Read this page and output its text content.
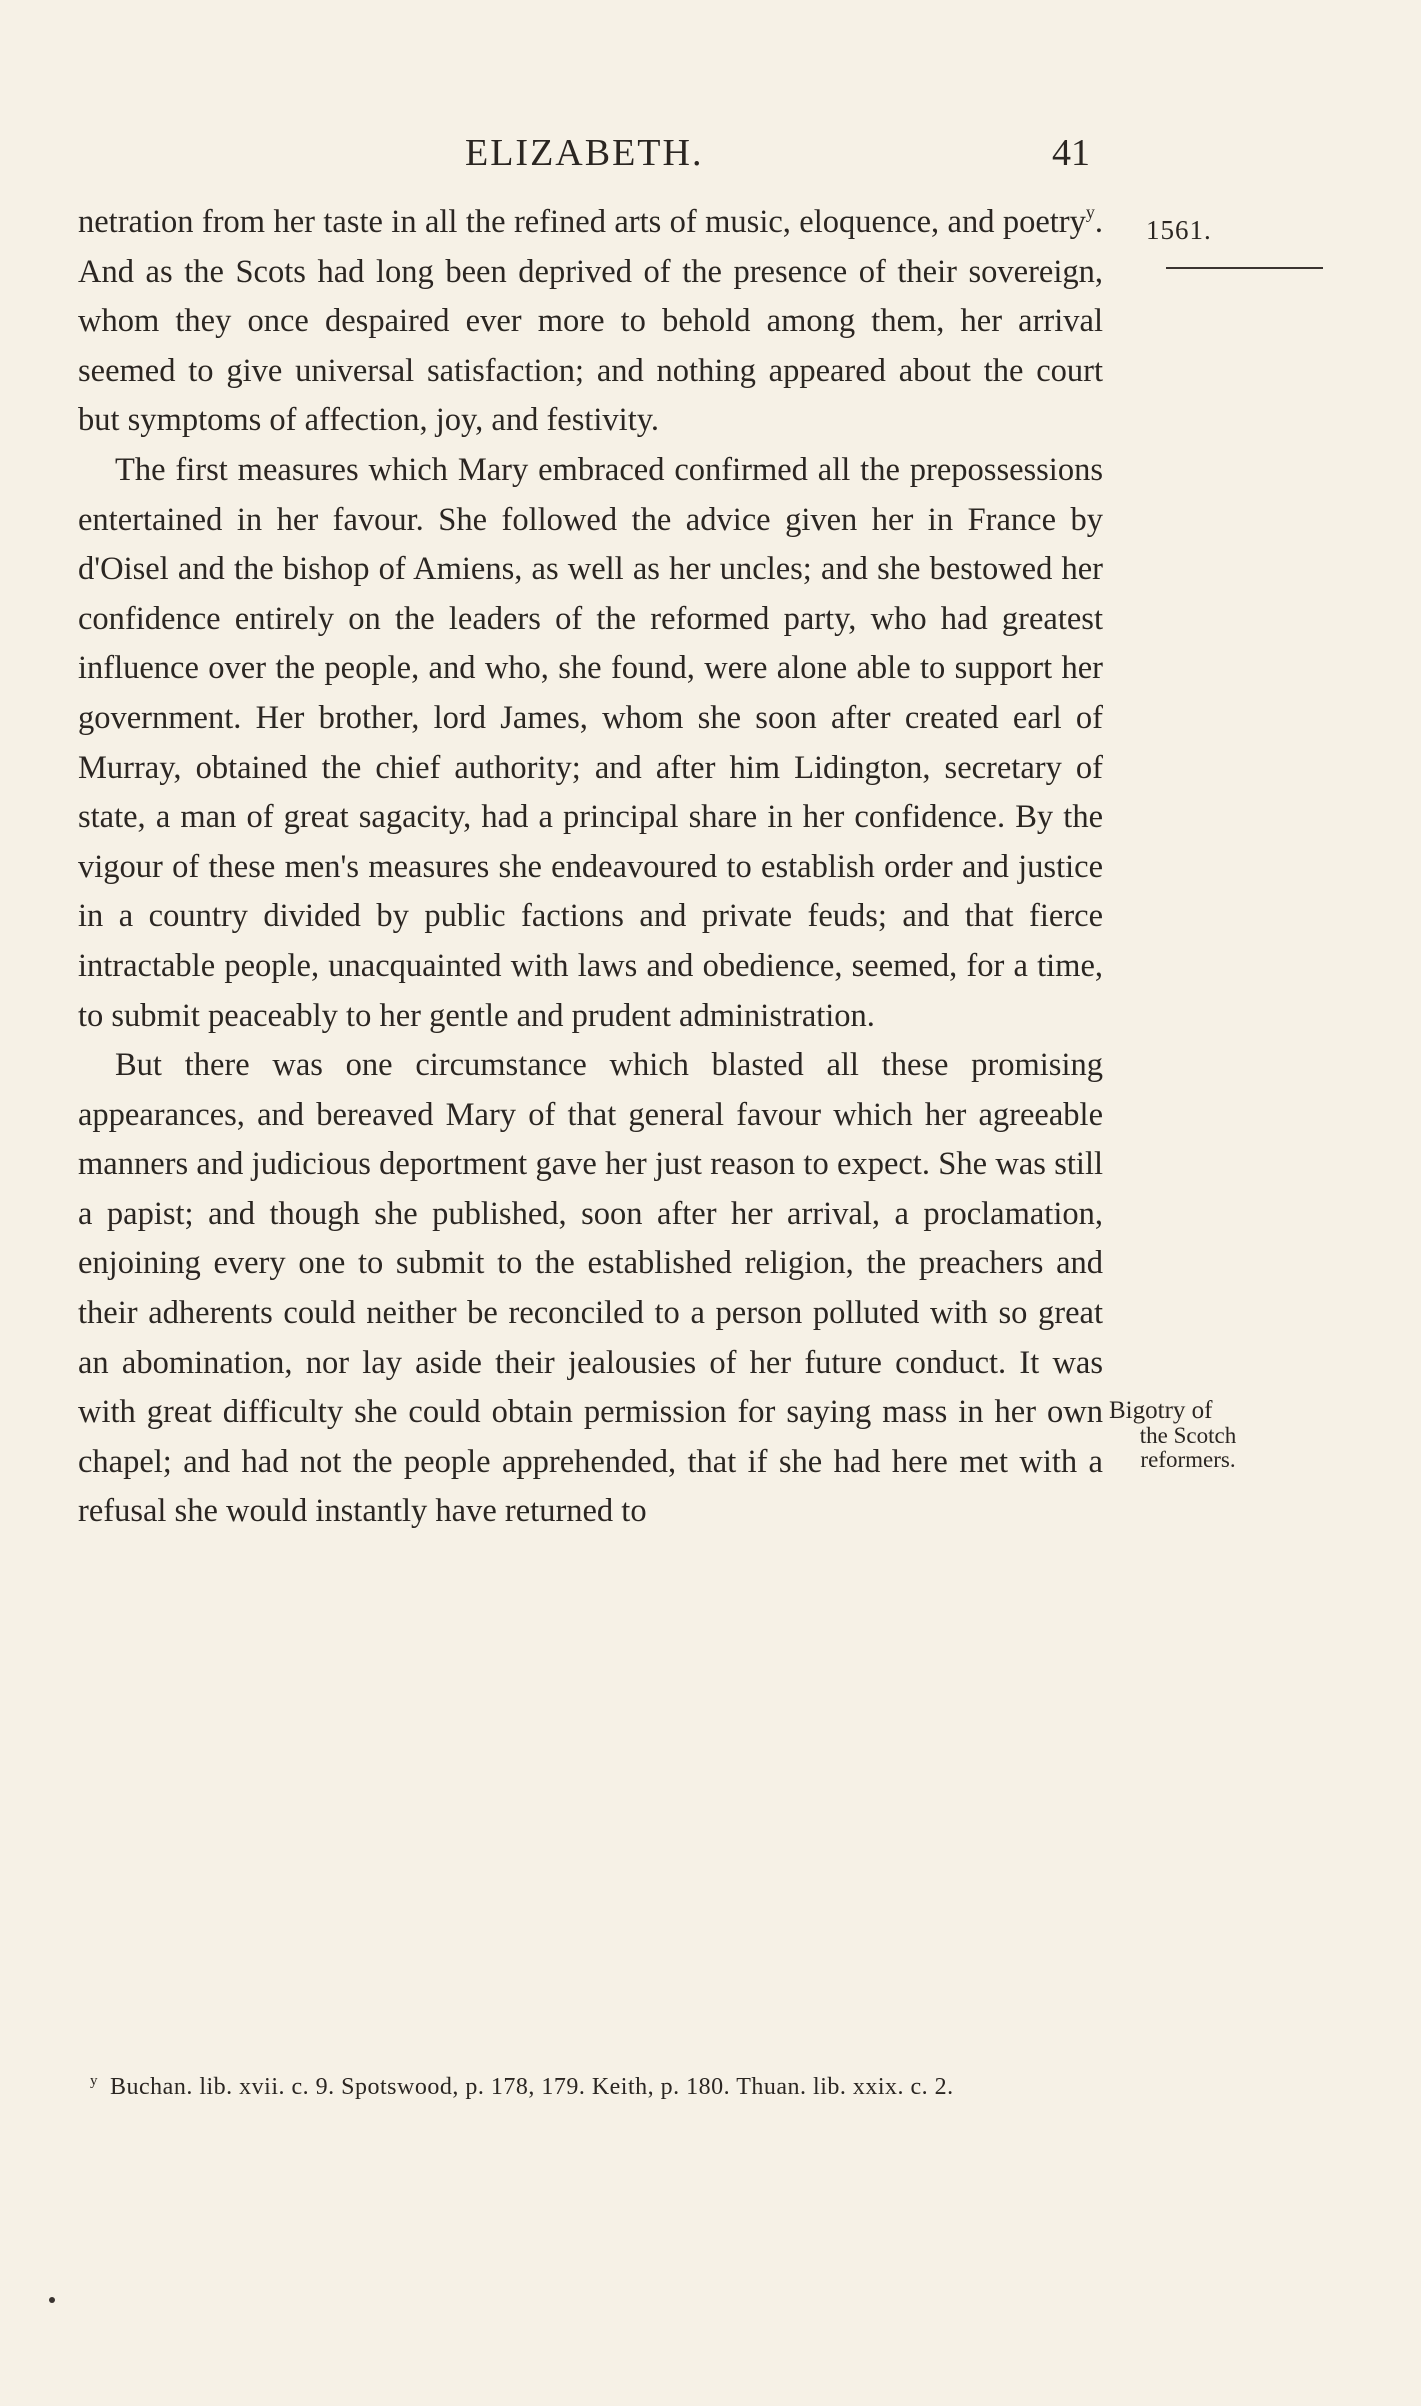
ELIZABETH.	41
1561.

netration from her taste in all the refined arts of music, eloquence, and poetry$^y$. And as the Scots had long been deprived of the presence of their sovereign, whom they once despaired ever more to behold among them, her arrival seemed to give universal satisfaction; and nothing appeared about the court but symptoms of affection, joy, and festivity.

The first measures which Mary embraced confirmed all the prepossessions entertained in her favour. She followed the advice given her in France by d'Oisel and the bishop of Amiens, as well as her uncles; and she bestowed her confidence entirely on the leaders of the reformed party, who had greatest influence over the people, and who, she found, were alone able to support her government. Her brother, lord James, whom she soon after created earl of Murray, obtained the chief authority; and after him Lidington, secretary of state, a man of great sagacity, had a principal share in her confidence. By the vigour of these men's measures she endeavoured to establish order and justice in a country divided by public factions and private feuds; and that fierce intractable people, unacquainted with laws and obedience, seemed, for a time, to submit peaceably to her gentle and prudent administration.

But there was one circumstance which blasted all these promising appearances, and bereaved Mary of that general favour which her agreeable manners and judicious deportment gave her just reason to expect. She was still a papist; and though she published, soon after her arrival, a proclamation, enjoining every one to submit to the established religion, the preachers and their adherents could neither be reconciled to a person polluted with so great an abomination, nor lay aside their jealousies of her future conduct. It was with great difficulty she could obtain permission for saying mass in her own chapel; and had not the people apprehended, that if she had here met with a refusal she would instantly have returned to

Bigotry of
the Scotch
reformers.
$^y$ Buchan. lib. xvii. c. 9. Spotswood, p. 178, 179. Keith, p. 180. Thuan. lib. xxix. c. 2.
